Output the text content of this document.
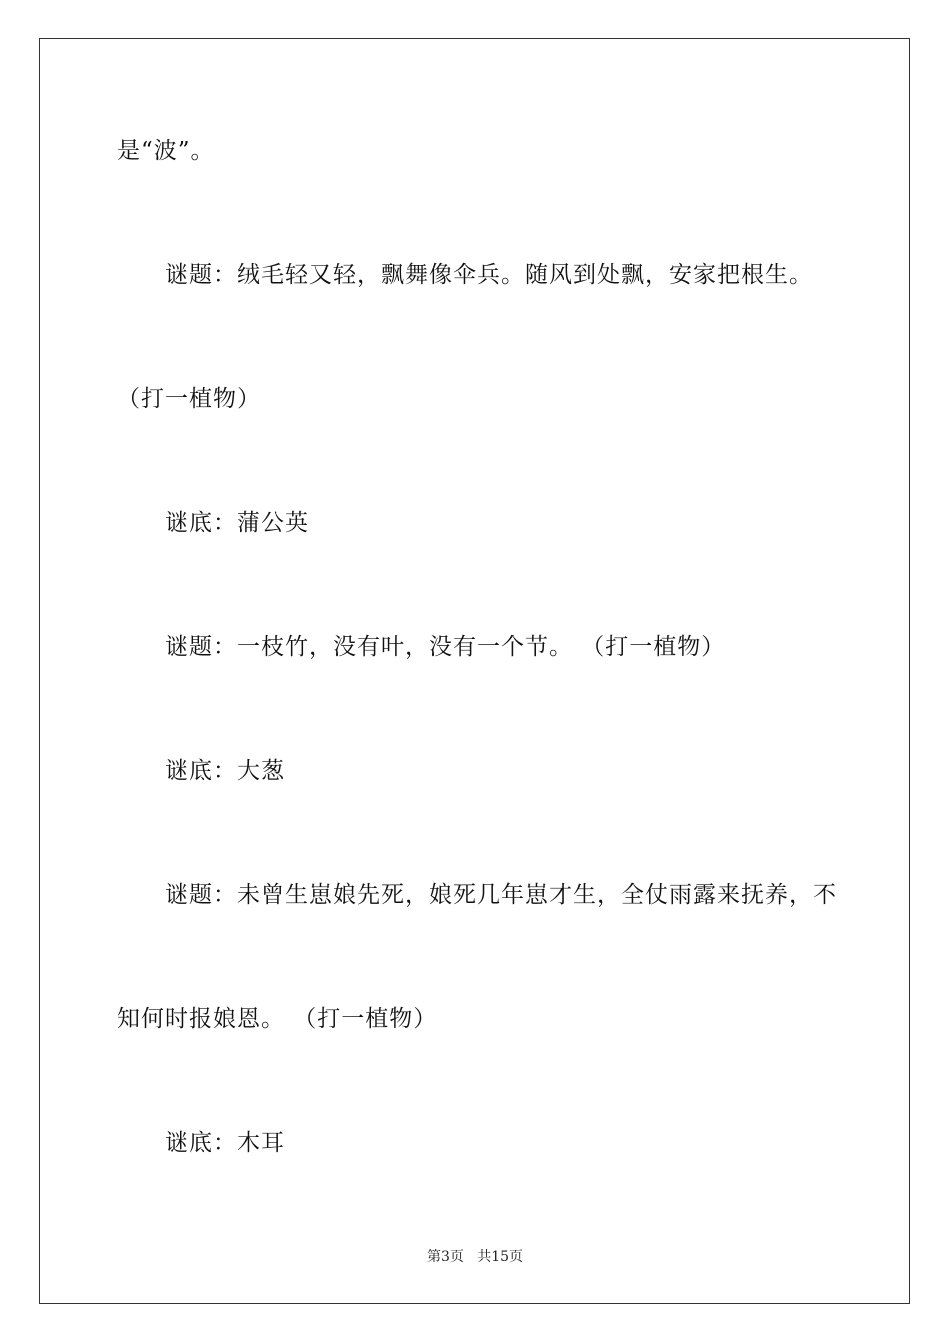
是“波”。
谜题：绒毛轻又轻，飘舞像伞兵。随风到处飘，安家把根生。
（打一植物）
谜底：蒲公英
谜题：一枝竹，没有叶，没有一个节。 （打一植物）
谜底：大葱
谜题：未曾生崽娘先死，娘死几年崽才生，全仗雨露来抚养，不
知何时报娘恩。 （打一植物）
谜底：木耳
第3页   共15页
